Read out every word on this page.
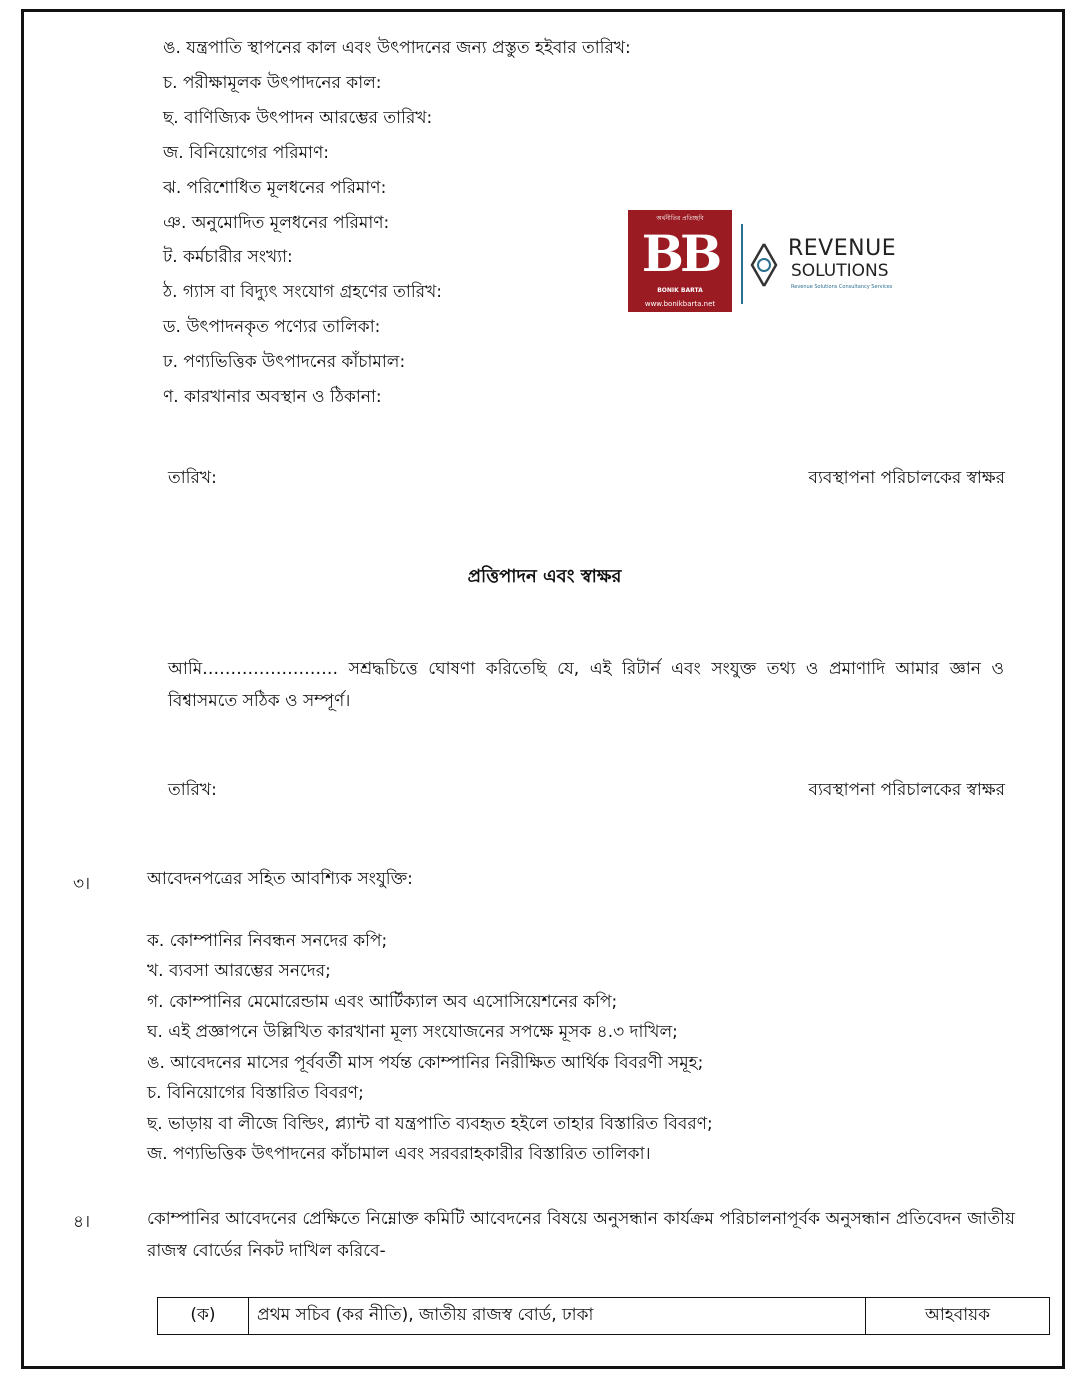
ঙ. যন্ত্রপাতি স্থাপনের কাল এবং উৎপাদনের জন্য প্রস্তুত হইবার তারিখ:
চ. পরীক্ষামূলক উৎপাদনের কাল:
ছ. বাণিজ্যিক উৎপাদন আরম্ভের তারিখ:
জ. বিনিয়োগের পরিমাণ:
ঝ. পরিশোধিত মূলধনের পরিমাণ:
ঞ. অনুমোদিত মূলধনের পরিমাণ:
ট. কর্মচারীর সংখ্যা:
ঠ. গ্যাস বা বিদ্যুৎ সংযোগ গ্রহণের তারিখ:
ড. উৎপাদনকৃত পণ্যের তালিকা:
ঢ. পণ্যভিত্তিক উৎপাদনের কাঁচামাল:
ণ. কারখানার অবস্থান ও ঠিকানা:
অর্থনীতির প্রতিচ্ছবি
BB
BONIK BARTA
www.bonikbarta.net
REVENUE
SOLUTIONS
Revenue Solutions Consultancy Services
তারিখ:	ব্যবস্থাপনা পরিচালকের স্বাক্ষর
প্রত্তিপাদন এবং স্বাক্ষর
আমি…………………… সশ্রদ্ধচিত্তে ঘোষণা করিতেছি যে, এই রিটার্ন এবং সংযুক্ত তথ্য ও প্রমাণাদি আমার জ্ঞান ও বিশ্বাসমতে সঠিক ও সম্পূর্ণ।
তারিখ:	ব্যবস্থাপনা পরিচালকের স্বাক্ষর
৩।	আবেদনপত্রের সহিত আবশ্যিক সংযুক্তি:
ক. কোম্পানির নিবন্ধন সনদের কপি;
খ. ব্যবসা আরম্ভের সনদের;
গ. কোম্পানির মেমোরেন্ডাম এবং আর্টিক্যাল অব এসোসিয়েশনের কপি;
ঘ. এই প্রজ্ঞাপনে উল্লিখিত কারখানা মূল্য সংযোজনের সপক্ষে মূসক ৪.৩ দাখিল;
ঙ. আবেদনের মাসের পূর্ববর্তী মাস পর্যন্ত কোম্পানির নিরীক্ষিত আর্থিক বিবরণী সমূহ;
চ. বিনিয়োগের বিস্তারিত বিবরণ;
ছ. ভাড়ায় বা লীজে বিল্ডিং, প্ল্যান্ট বা যন্ত্রপাতি ব্যবহৃত হইলে তাহার বিস্তারিত বিবরণ;
জ. পণ্যভিত্তিক উৎপাদনের কাঁচামাল এবং সরবরাহকারীর বিস্তারিত তালিকা।
৪।	কোম্পানির আবেদনের প্রেক্ষিতে নিম্নোক্ত কমিটি আবেদনের বিষয়ে অনুসন্ধান কার্যক্রম পরিচালনাপূর্বক অনুসন্ধান প্রতিবেদন জাতীয় রাজস্ব বোর্ডের নিকট দাখিল করিবে-
(ক)	প্রথম সচিব (কর নীতি), জাতীয় রাজস্ব বোর্ড, ঢাকা	আহবায়ক
